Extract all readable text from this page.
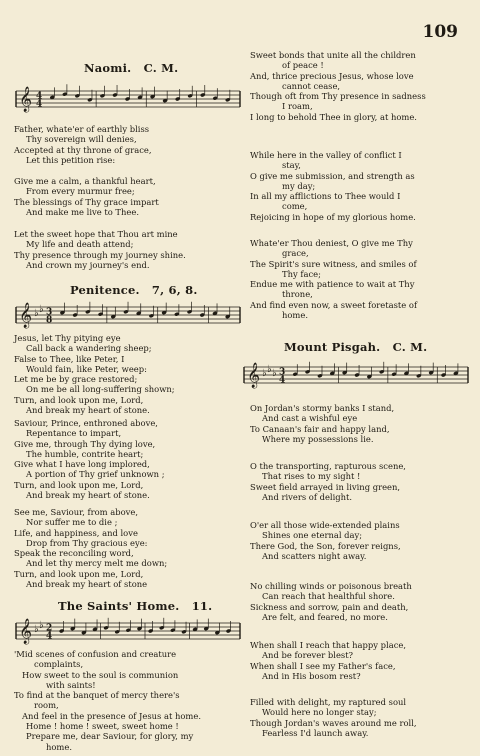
109
Naomi. C. M.
𝄞 4
4
Father, whate'er of earthly bliss
Thy sovereign will denies,
Accepted at thy throne of grace,
Let this petition rise:
Give me a calm, a thankful heart,
From every murmur free;
The blessings of Thy grace impart
And make me live to Thee.
Let the sweet hope that Thou art mine
My life and death attend;
Thy presence through my journey shine.
And crown my journey's end.
Penitence. 7, 6, 8.
𝄞 ♭ ♭ 3
8
Jesus, let Thy pitying eye
Call back a wandering sheep;
False to Thee, like Peter, I
Would fain, like Peter, weep:
Let me be by grace restored;
On me be all long-suffering shown;
Turn, and look upon me, Lord,
And break my heart of stone.
Saviour, Prince, enthroned above,
Repentance to impart,
Give me, through Thy dying love,
The humble, contrite heart;
Give what I have long implored,
A portion of Thy grief unknown ;
Turn, and look upon me, Lord,
And break my heart of stone.
See me, Saviour, from above,
Nor suffer me to die ;
Life, and happiness, and love
Drop from Thy gracious eye:
Speak the reconciling word,
And let thy mercy melt me down;
Turn, and look upon me, Lord,
And break my heart of stone
The Saints' Home. 11.
𝄞 ♭ ♭ 2
4
'Mid scenes of confusion and creature
complaints,
How sweet to the soul is communion
with saints!
To find at the banquet of mercy there's
room,
And feel in the presence of Jesus at home.
Home ! home ! sweet, sweet home !
Prepare me, dear Saviour, for glory, my
home.
Sweet bonds that unite all the children
of peace !
And, thrice precious Jesus, whose love
cannot cease,
Though oft from Thy presence in sadness
I roam,
I long to behold Thee in glory, at home.
While here in the valley of conflict I
stay,
O give me submission, and strength as
my day;
In all my afflictions to Thee would I
come,
Rejoicing in hope of my glorious home.
Whate'er Thou deniest, O give me Thy
grace,
The Spirit's sure witness, and smiles of
Thy face;
Endue me with patience to wait at Thy
throne,
And find even now, a sweet foretaste of
home.
Mount Pisgah. C. M.
𝄞 ♭ ♭ ♭ 3
4
On Jordan's stormy banks I stand,
And cast a wishful eye
To Canaan's fair and happy land,
Where my possessions lie.
O the transporting, rapturous scene,
That rises to my sight !
Sweet field arrayed in living green,
And rivers of delight.
O'er all those wide-extended plains
Shines one eternal day;
There God, the Son, forever reigns,
And scatters night away.
No chilling winds or poisonous breath
Can reach that healthful shore.
Sickness and sorrow, pain and death,
Are felt, and feared, no more.
When shall I reach that happy place,
And be forever blest?
When shall I see my Father's face,
And in His bosom rest?
Filled with delight, my raptured soul
Would here no longer stay;
Though Jordan's waves around me roll,
Fearless I'd launch away.
